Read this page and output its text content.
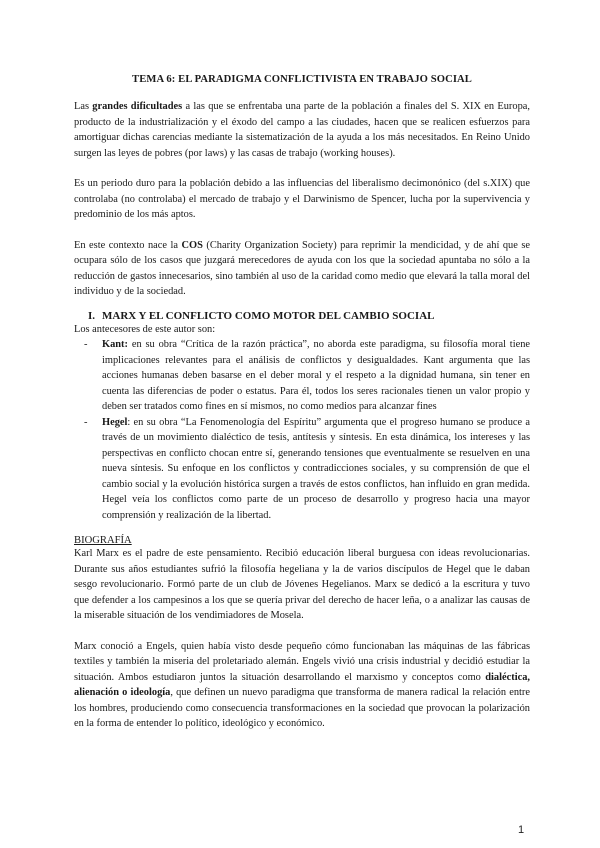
TEMA 6: EL PARADIGMA CONFLICTIVISTA EN TRABAJO SOCIAL

Las grandes dificultades a las que se enfrentaba una parte de la población a finales del S. XIX en Europa, producto de la industrialización y el éxodo del campo a las ciudades, hacen que se realicen esfuerzos para amortiguar dichas carencias mediante la sistematización de la ayuda a los más necesitados. En Reino Unido surgen las leyes de pobres (por laws) y las casas de trabajo (working houses).

Es un periodo duro para la población debido a las influencias del liberalismo decimonónico (del s.XIX) que controlaba (no controlaba) el mercado de trabajo y el Darwinismo de Spencer, lucha por la supervivencia y predominio de los más aptos.

En este contexto nace la COS (Charity Organization Society) para reprimir la mendicidad, y de ahí que se ocupara sólo de los casos que juzgará merecedores de ayuda con los que la sociedad apuntaba no sólo a la reducción de gastos innecesarios, sino también al uso de la caridad como medio que elevará la talla moral del individuo y de la sociedad.

I. MARX Y EL CONFLICTO COMO MOTOR DEL CAMBIO SOCIAL

Los antecesores de este autor son:

-	Kant: en su obra “Crítica de la razón práctica”, no aborda este paradigma, su filosofía moral tiene implicaciones relevantes para el análisis de conflictos y desigualdades. Kant argumenta que las acciones humanas deben basarse en el deber moral y el respeto a la dignidad humana, sin tener en cuenta las diferencias de poder o estatus. Para él, todos los seres racionales tienen un valor propio y deben ser tratados como fines en sí mismos, no como medios para alcanzar fines
-	Hegel: en su obra “La Fenomenología del Espíritu” argumenta que el progreso humano se produce a través de un movimiento dialéctico de tesis, antítesis y síntesis. En esta dinámica, los intereses y las perspectivas en conflicto chocan entre sí, generando tensiones que eventualmente se resuelven en una nueva síntesis. Su enfoque en los conflictos y contradicciones sociales, y su comprensión de que el cambio social y la evolución histórica surgen a través de estos conflictos, han influido en gran medida. Hegel veía los conflictos como parte de un proceso de desarrollo y progreso hacia una mayor comprensión y realización de la libertad.
BIOGRAFÍA

Karl Marx es el padre de este pensamiento. Recibió educación liberal burguesa con ideas revolucionarias. Durante sus años estudiantes sufrió la filosofía hegeliana y la de varios discípulos de Hegel que le daban sesgo revolucionario. Formó parte de un club de Jóvenes Hegelianos. Marx se dedicó a la escritura y tuvo que defender a los campesinos a los que se quería privar del derecho de hacer leña, o a analizar las causas de la miserable situación de los vendimiadores de Mosela.

Marx conoció a Engels, quien había visto desde pequeño cómo funcionaban las máquinas de las fábricas textiles y también la miseria del proletariado alemán. Engels vivió una crisis industrial y decidió estudiar la situación. Ambos estudiaron juntos la situación desarrollando el marxismo y conceptos como dialéctica, alienación o ideología, que definen un nuevo paradigma que transforma de manera radical la relación entre los hombres, produciendo como consecuencia transformaciones en la sociedad que provocan la polarización en la forma de entender lo político, ideológico y económico.

1
